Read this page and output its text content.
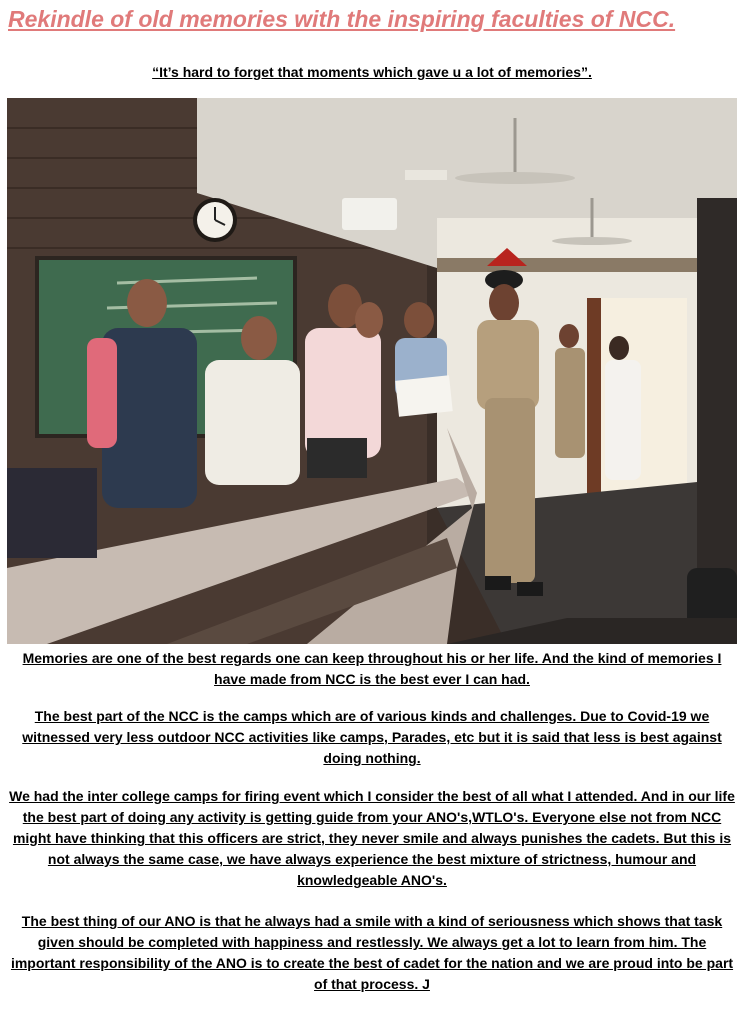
Rekindle of old memories with the inspiring faculties of NCC.
“It’s hard to forget that moments which gave u a lot of memories”.
Memories are one of the best regards one can keep throughout his or her life. And the kind of memories I have made from NCC is the best ever I can had.
The best part of the NCC is the camps which are of various kinds and challenges. Due to Covid-19 we witnessed very less outdoor NCC activities like camps, Parades, etc but it is said that less is best against doing nothing.
We had the inter college camps for firing event which I consider the best of all what I attended. And in our life the best part of doing any activity is getting guide from your ANO's,WTLO's. Everyone else not from NCC might have thinking that this officers are strict, they never smile and always punishes the cadets. But this is not always the same case, we have always experience the best mixture of strictness, humour and knowledgeable ANO's.
The best thing of our ANO is that he always had a smile with a kind of seriousness which shows that task given should be completed with happiness and restlessly. We always get a lot to learn from him. The important responsibility of the ANO is to create the best of cadet for the nation and we are proud into be part of that process. J
